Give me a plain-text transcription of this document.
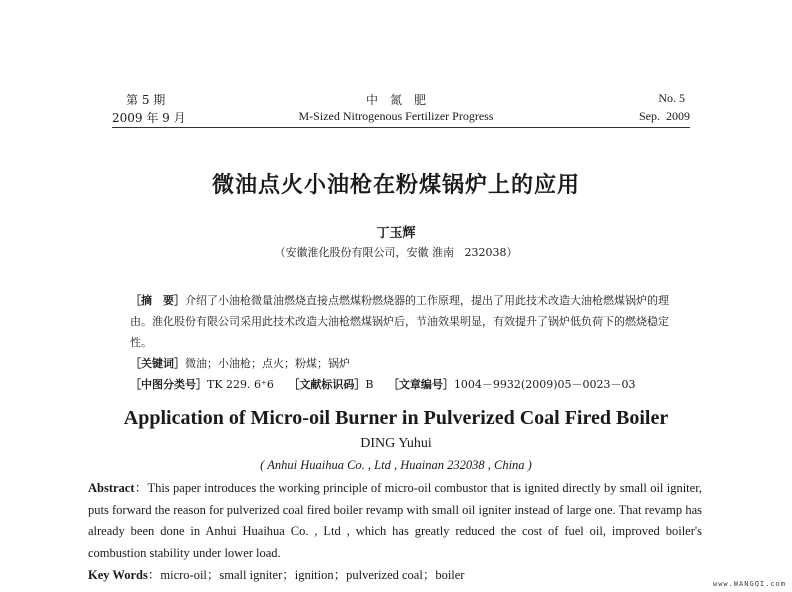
第 5 期
2009 年 9 月
中　氮　肥
M-Sized Nitrogenous Fertilizer Progress
No. 5
Sep.  2009
微油点火小油枪在粉煤锅炉上的应用
丁玉辉
（安徽淮化股份有限公司，安徽 淮南   232038）

［摘　要］介绍了小油枪微量油燃烧直接点燃煤粉燃烧器的工作原理，提出了用此技术改造大油枪燃煤锅炉的理由。淮化股份有限公司采用此技术改造大油枪燃煤锅炉后，节油效果明显，有效提升了锅炉低负荷下的燃烧稳定性。

［关键词］微油；小油枪；点火；粉煤；锅炉

［中图分类号］TK 229. 6⁺6　 ［文献标识码］B　 ［文章编号］1004－9932(2009)05－0023－03

Application of Micro-oil Burner in Pulverized Coal Fired Boiler
DING Yuhui
( Anhui Huaihua Co. , Ltd , Huainan 232038 , China )

Abstract：This paper introduces the working principle of micro-oil combustor that is ignited directly by small oil igniter, puts forward the reason for pulverized coal fired boiler revamp with small oil igniter instead of large one. That revamp has already been done in Anhui Huaihua Co. , Ltd , which has greatly reduced the cost of fuel oil, improved boiler's combustion stability under lower load.

Key Words：micro-oil；small igniter；ignition；pulverized coal；boiler

www.WANGQI.com
